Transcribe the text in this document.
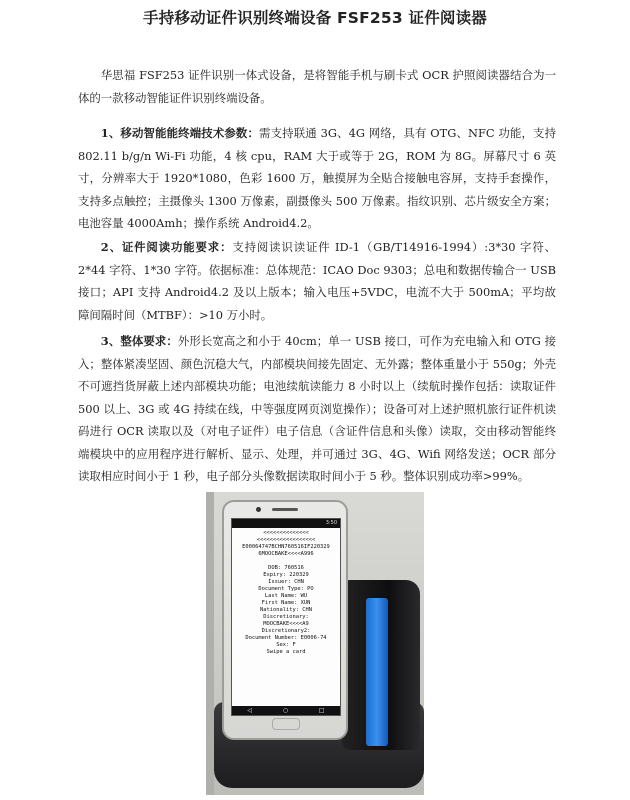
手持移动证件识别终端设备 FSF253 证件阅读器

华思福 FSF253 证件识别一体式设备，是将智能手机与刷卡式 OCR 护照阅读器结合为一体的一款移动智能证件识别终端设备。

1、移动智能能终端技术参数：需支持联通 3G、4G 网络，具有 OTG、NFC 功能，支持 802.11 b/g/n Wi-Fi 功能，4 核 cpu，RAM 大于或等于 2G，ROM 为 8G。屏幕尺寸 6 英寸，分辨率大于 1920*1080，色彩 1600 万，触摸屏为全贴合接触电容屏，支持手套操作，支持多点触控；主摄像头 1300 万像素，副摄像头 500 万像素。指纹识别、芯片级安全方案；电池容量 4000Amh；操作系统 Android4.2。

2、证件阅读功能要求：支持阅读识读证件 ID-1（GB/T14916-1994）:3*30 字符、2*44 字符、1*30 字符。依据标准：总体规范：ICAO Doc 9303；总电和数据传输合一 USB 接口；API 支持 Android4.2 及以上版本；输入电压+5VDC，电流不大于 500mA；平均故障间隔时间（MTBF）：>10 万小时。

3、整体要求：外形长宽高之和小于 40cm；单一 USB 接口，可作为充电输入和 OTG 接入；整体紧凑坚固、颜色沉稳大气，内部模块间接先固定、无外露；整体重量小于 550g；外壳不可遮挡货屏蔽上述内部模块功能；电池续航读能力 8 小时以上（续航时操作包括：读取证件 500 以上、3G 或 4G 持续在线，中等强度网页浏览操作）；设备可对上述护照机旅行证件机读码进行 OCR 读取以及（对电子证件）电子信息（含证件信息和头像）读取，交由移动智能终端模块中的应用程序进行解析、显示、处理，并可通过 3G、4G、Wifi 网络发送；OCR 部分读取相应时间小于 1 秒，电子部分头像数据读取时间小于 5 秒。整体识别成功率>99%。

3:50
<<<<<<<<<<<<<<
<<<<<<<<<<<<<<<<<<
E00064747BCHN760516IF220329
6MOOCBAKE<<<<A996

DOB: 760516
Expiry: 220329
Issuer: CHN
Document Type: PO
Last Name: WU
First Name: XUN
Nationality: CHN
Discretionary:
MOOCBAKE<<<<A9
Discretionary2:
Document Number: E0006-74
Sex: F
Swipe a card
◁	○	□
